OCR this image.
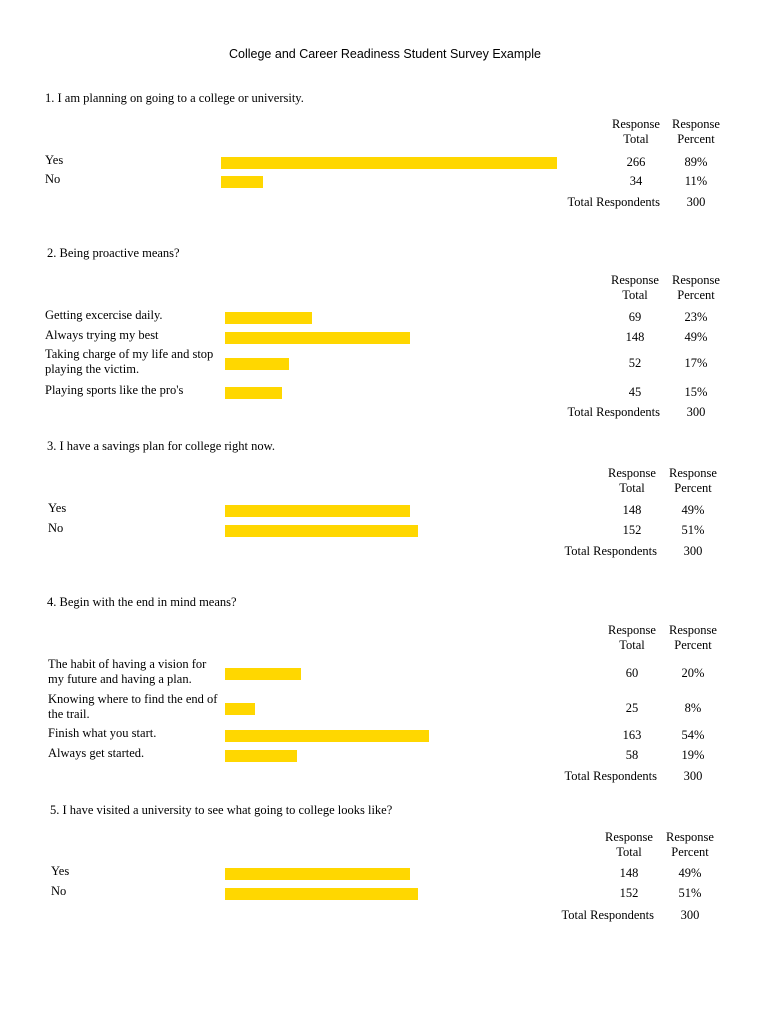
College and Career Readiness Student Survey Example
1. I am planning on going to a college or university.
Response
Total
Response
Percent
Yes	266	89%
No	34	11%
Total Respondents	300
2. Being proactive means?
Response
Total
Response
Percent
Getting excercise daily.	69	23%
Always trying my best	148	49%
Taking charge of my life and stop playing the victim.	52	17%
Playing sports like the pro's	45	15%
Total Respondents	300
3. I have a savings plan for college right now.
Response
Total
Response
Percent
Yes	148	49%
No	152	51%
Total Respondents	300
4. Begin with the end in mind means?
Response
Total
Response
Percent
The habit of having a vision for my future and having a plan.	60	20%
Knowing where to find the end of the trail.	25	8%
Finish what you start.	163	54%
Always get started.	58	19%
Total Respondents	300
5. I have visited a university to see what going to college looks like?
Response
Total
Response
Percent
Yes	148	49%
No	152	51%
Total Respondents	300
